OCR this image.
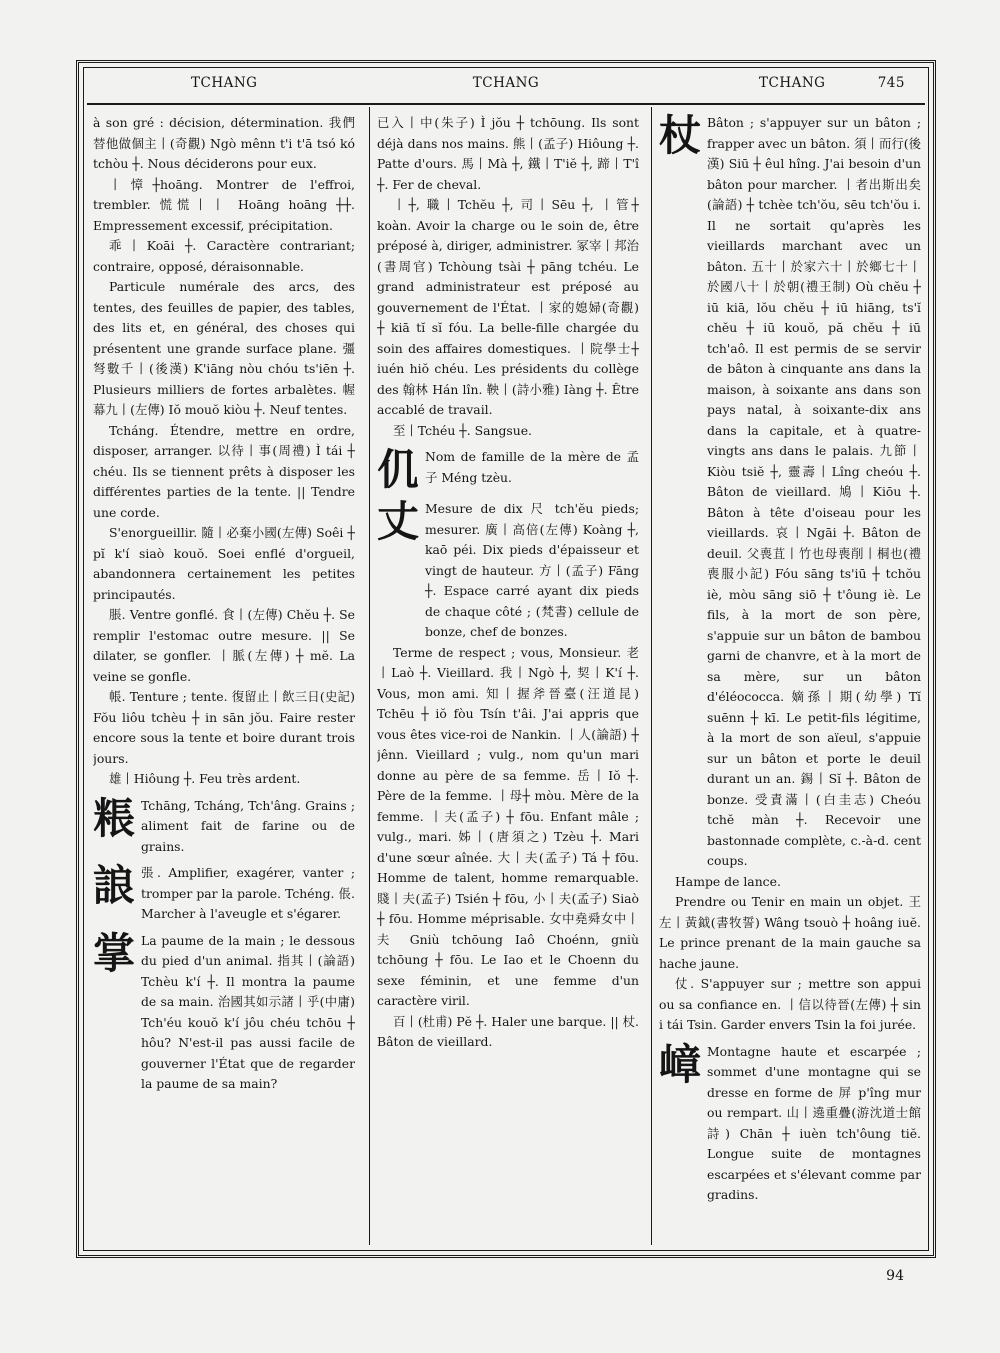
TCHANG	TCHANG	TCHANG	745

à son gré : décision, détermination. 我們替他做個主丨(奇觀) Ngò mênn t'i t'ā tsó kó tchòu ┼. Nous déciderons pour eux.

丨慞┼hoāng. Montrer de l'effroi, trembler. 慌慌丨丨 Hoāng hoāng ┼┼. Empressement excessif, précipitation.

乖丨Koāi ┼. Caractère contrariant; contraire, opposé, déraisonnable.

Particule numérale des arcs, des tentes, des feuilles de papier, des tables, des lits et, en général, des choses qui présentent une grande surface plane. 彊弩數千丨(後漢) K'iāng nòu chóu ts'iēn ┼. Plusieurs milliers de fortes arbalètes. 幄幕九丨(左傳) Iŏ mouŏ kiòu ┼. Neuf tentes.

Tcháng. Étendre, mettre en ordre, disposer, arranger. 以待丨事(周禮) Ì tái ┼ chéu. Ils se tiennent prêts à disposer les différentes parties de la tente. || Tendre une corde.

S'enorgueillir. 隨丨必棄小國(左傳) Soêi ┼ pĭ k'í siaò kouŏ. Soei enflé d'orgueil, abandonnera certainement les petites principautés.

脹. Ventre gonflé. 食丨(左傳) Chĕu ┼. Se remplir l'estomac outre mesure. || Se dilater, se gonfler. 丨脈(左傳) ┼ mĕ. La veine se gonfle.

帳. Tenture ; tente. 復留止丨飲三日(史記) Fŏu liôu tchèu ┼ in sān jŏu. Faire rester encore sous la tente et boire durant trois jours.

雄丨Hiôung ┼. Feu très ardent.

粻 Tchāng, Tcháng, Tch'âng. Grains ; aliment fait de farine ou de grains.
誏 張. Amplifier, exagérer, vanter ; tromper par la parole. Tchéng. 倀. Marcher à l'aveugle et s'égarer.
掌 La paume de la main ; le dessous du pied d'un animal. 指其丨(論語) Tchèu k'í ┼. Il montra la paume de sa main. 治國其如示諸丨乎(中庸) Tch'éu kouŏ k'í jôu chéu tchōu ┼ hôu? N'est-il pas aussi facile de gouverner l'État que de regarder la paume de sa main?

已入丨中(朱子) Ì jŏu ┼ tchōung. Ils sont déjà dans nos mains. 熊丨(孟子) Hiôung ┼. Patte d'ours. 馬丨Mà ┼, 鐵丨T'iĕ ┼, 蹄丨T'î ┼. Fer de cheval.

丨┼, 職丨Tchĕu ┼, 司丨Sēu ┼, 丨管┼ koàn. Avoir la charge ou le soin de, être préposé à, diriger, administrer. 冢宰丨邦治(書周官) Tchòung tsài ┼ pāng tchéu. Le grand administrateur est préposé au gouvernement de l'État. 丨家的媳婦(奇觀) ┼ kiā tĭ sĭ fóu. La belle-fille chargée du soin des affaires domestiques. 丨院學士┼ iuén hiŏ chéu. Les présidents du collège des 翰林 Hán lîn. 鞅丨(詩小雅) Iàng ┼. Être accablé de travail.

至丨Tchéu ┼. Sangsue.

仉 Nom de famille de la mère de 孟子 Méng tzèu.
丈 Mesure de dix 尺 tch'ĕu pieds; mesurer. 廣丨高倍(左傳) Koàng ┼, kaō péi. Dix pieds d'épaisseur et vingt de hauteur. 方丨(孟子) Fāng ┼. Espace carré ayant dix pieds de chaque côté ; (梵書) cellule de bonze, chef de bonzes.

Terme de respect ; vous, Monsieur. 老丨Laò ┼. Vieillard. 我丨Ngò ┼, 契丨K'í ┼. Vous, mon ami. 知丨握斧晉臺(汪道昆) Tchēu ┼ iŏ fòu Tsín t'âi. J'ai appris que vous êtes vice-roi de Nankin. 丨人(論語) ┼ jênn. Vieillard ; vulg., nom qu'un mari donne au père de sa femme. 岳丨Iŏ ┼. Père de la femme. 丨母┼ mòu. Mère de la femme. 丨夫(孟子) ┼ fōu. Enfant mâle ; vulg., mari. 姊丨(唐須之) Tzèu ┼. Mari d'une sœur aînée. 大丨夫(孟子) Tá ┼ fōu. Homme de talent, homme remarquable. 賤丨夫(孟子) Tsién ┼ fōu, 小丨夫(孟子) Siaò ┼ fōu. Homme méprisable. 女中堯舜女中丨夫 Gniù tchōung Iaô Choénn, gniù tchōung ┼ fōu. Le Iao et le Choenn du sexe féminin, et une femme d'un caractère viril.

百丨(杜甫) Pĕ ┼. Haler une barque. || 杖. Bâton de vieillard.

杖 Bâton ; s'appuyer sur un bâton ; frapper avec un bâton. 須丨而行(後漢) Siū ┼ êul hîng. J'ai besoin d'un bâton pour marcher. 丨者出斯出矣(論語) ┼ tchèe tch'ŏu, sēu tch'ŏu i. Il ne sortait qu'après les vieillards marchant avec un bâton. 五十丨於家六十丨於鄉七十丨於國八十丨於朝(禮王制) Où chĕu ┼ iū kiā, lŏu chĕu ┼ iū hiāng, ts'ĭ chĕu ┼ iū kouŏ, pă chĕu ┼ iū tch'aô. Il est permis de se servir de bâton à cinquante ans dans la maison, à soixante ans dans son pays natal, à soixante-dix ans dans la capitale, et à quatre-vingts ans dans le palais. 九節丨Kiòu tsiĕ ┼, 靈壽丨Lîng cheóu ┼. Bâton de vieillard. 鳩丨Kiōu ┼. Bâton à tête d'oiseau pour les vieillards. 哀丨Ngāi ┼. Bâton de deuil. 父喪苴丨竹也母喪削丨桐也(禮喪服小記) Fóu sāng ts'iū ┼ tchŏu iè, mòu sāng siō ┼ t'ôung iè. Le fils, à la mort de son père, s'appuie sur un bâton de bambou garni de chanvre, et à la mort de sa mère, sur un bâton d'éléococca. 嫡孫丨期(幼學) Tĭ suēnn ┼ kī. Le petit-fils légitime, à la mort de son aïeul, s'appuie sur un bâton et porte le deuil durant un an. 錫丨Sĭ ┼. Bâton de bonze. 受責滿丨(白圭志) Cheóu tchĕ màn ┼. Recevoir une bastonnade complète, c.-à-d. cent coups.

Hampe de lance.

Prendre ou Tenir en main un objet. 王左丨黃鉞(書牧誓) Wâng tsouò ┼ hoâng iuĕ. Le prince prenant de la main gauche sa hache jaune.

仗. S'appuyer sur ; mettre son appui ou sa confiance en. 丨信以待晉(左傳) ┼ sin i tái Tsin. Garder envers Tsin la foi jurée.

嶂 Montagne haute et escarpée ; sommet d'une montagne qui se dresse en forme de 屏 p'îng mur ou rempart. 山丨遶重疊(游沈道士館詩) Chān ┼ iuèn tch'ôung tiĕ. Longue suite de montagnes escarpées et s'élevant comme par gradins.
94
